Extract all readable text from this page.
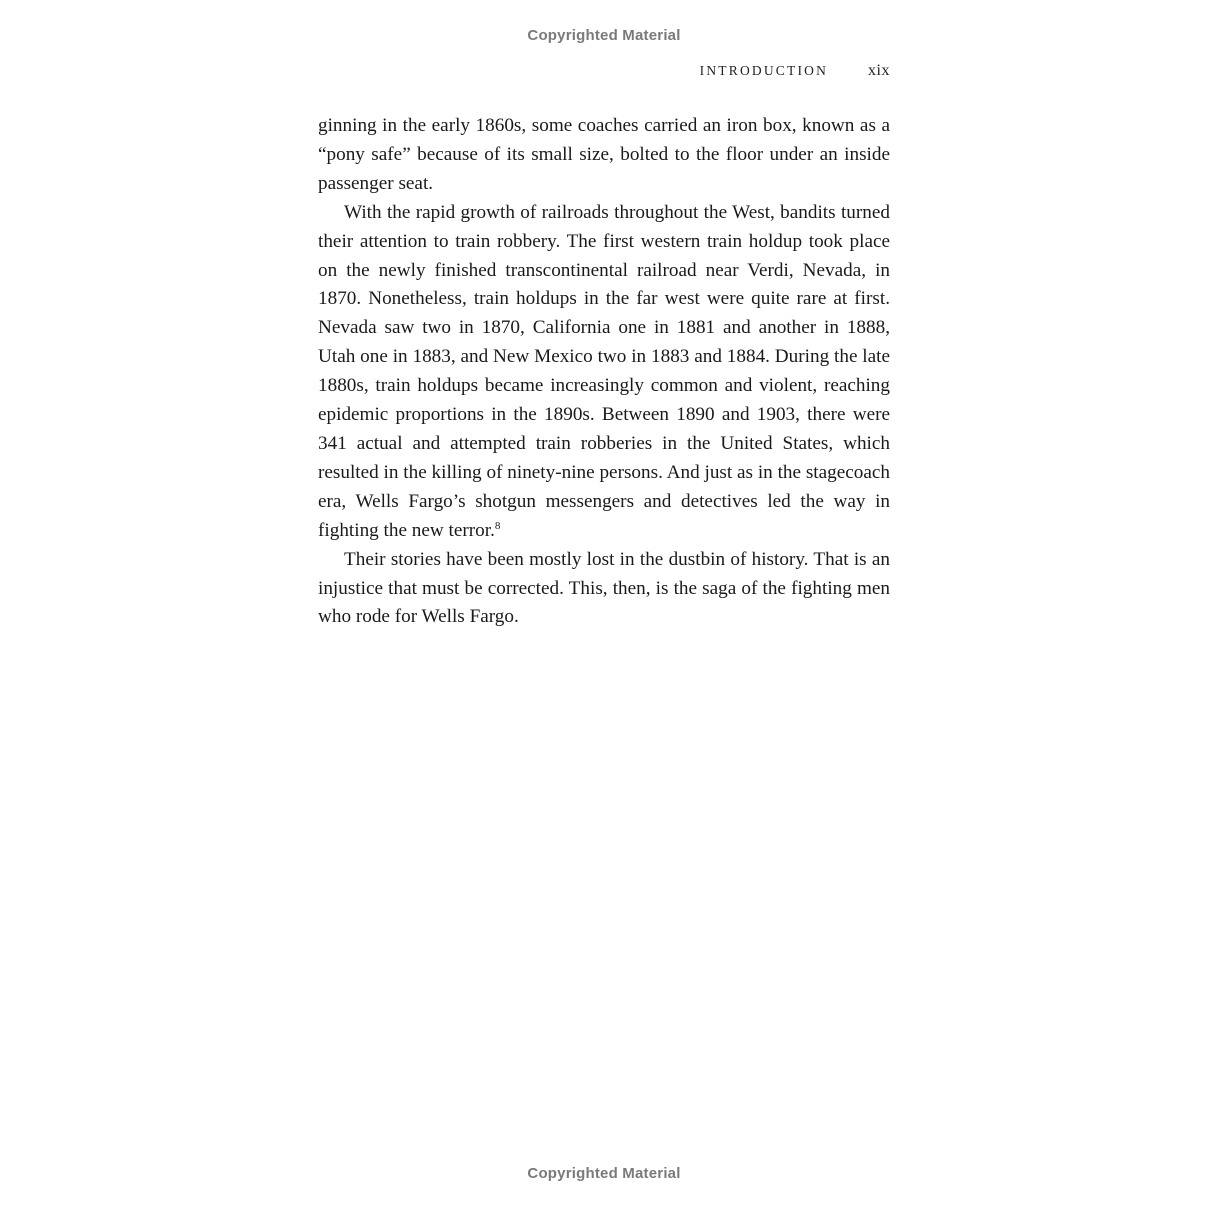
Copyrighted Material
INTRODUCTION	xix

ginning in the early 1860s, some coaches carried an iron box, known as a “pony safe” because of its small size, bolted to the floor under an inside passenger seat.

With the rapid growth of railroads throughout the West, bandits turned their attention to train robbery. The first western train holdup took place on the newly finished transcontinental railroad near Verdi, Nevada, in 1870. Nonetheless, train holdups in the far west were quite rare at first. Nevada saw two in 1870, California one in 1881 and another in 1888, Utah one in 1883, and New Mexico two in 1883 and 1884. During the late 1880s, train holdups became increasingly common and violent, reaching epidemic proportions in the 1890s. Between 1890 and 1903, there were 341 actual and attempted train robberies in the United States, which resulted in the killing of ninety-nine persons. And just as in the stagecoach era, Wells Fargo’s shotgun messengers and detectives led the way in fighting the new terror.$^8$

Their stories have been mostly lost in the dustbin of history. That is an injustice that must be corrected. This, then, is the saga of the fighting men who rode for Wells Fargo.

Copyrighted Material
